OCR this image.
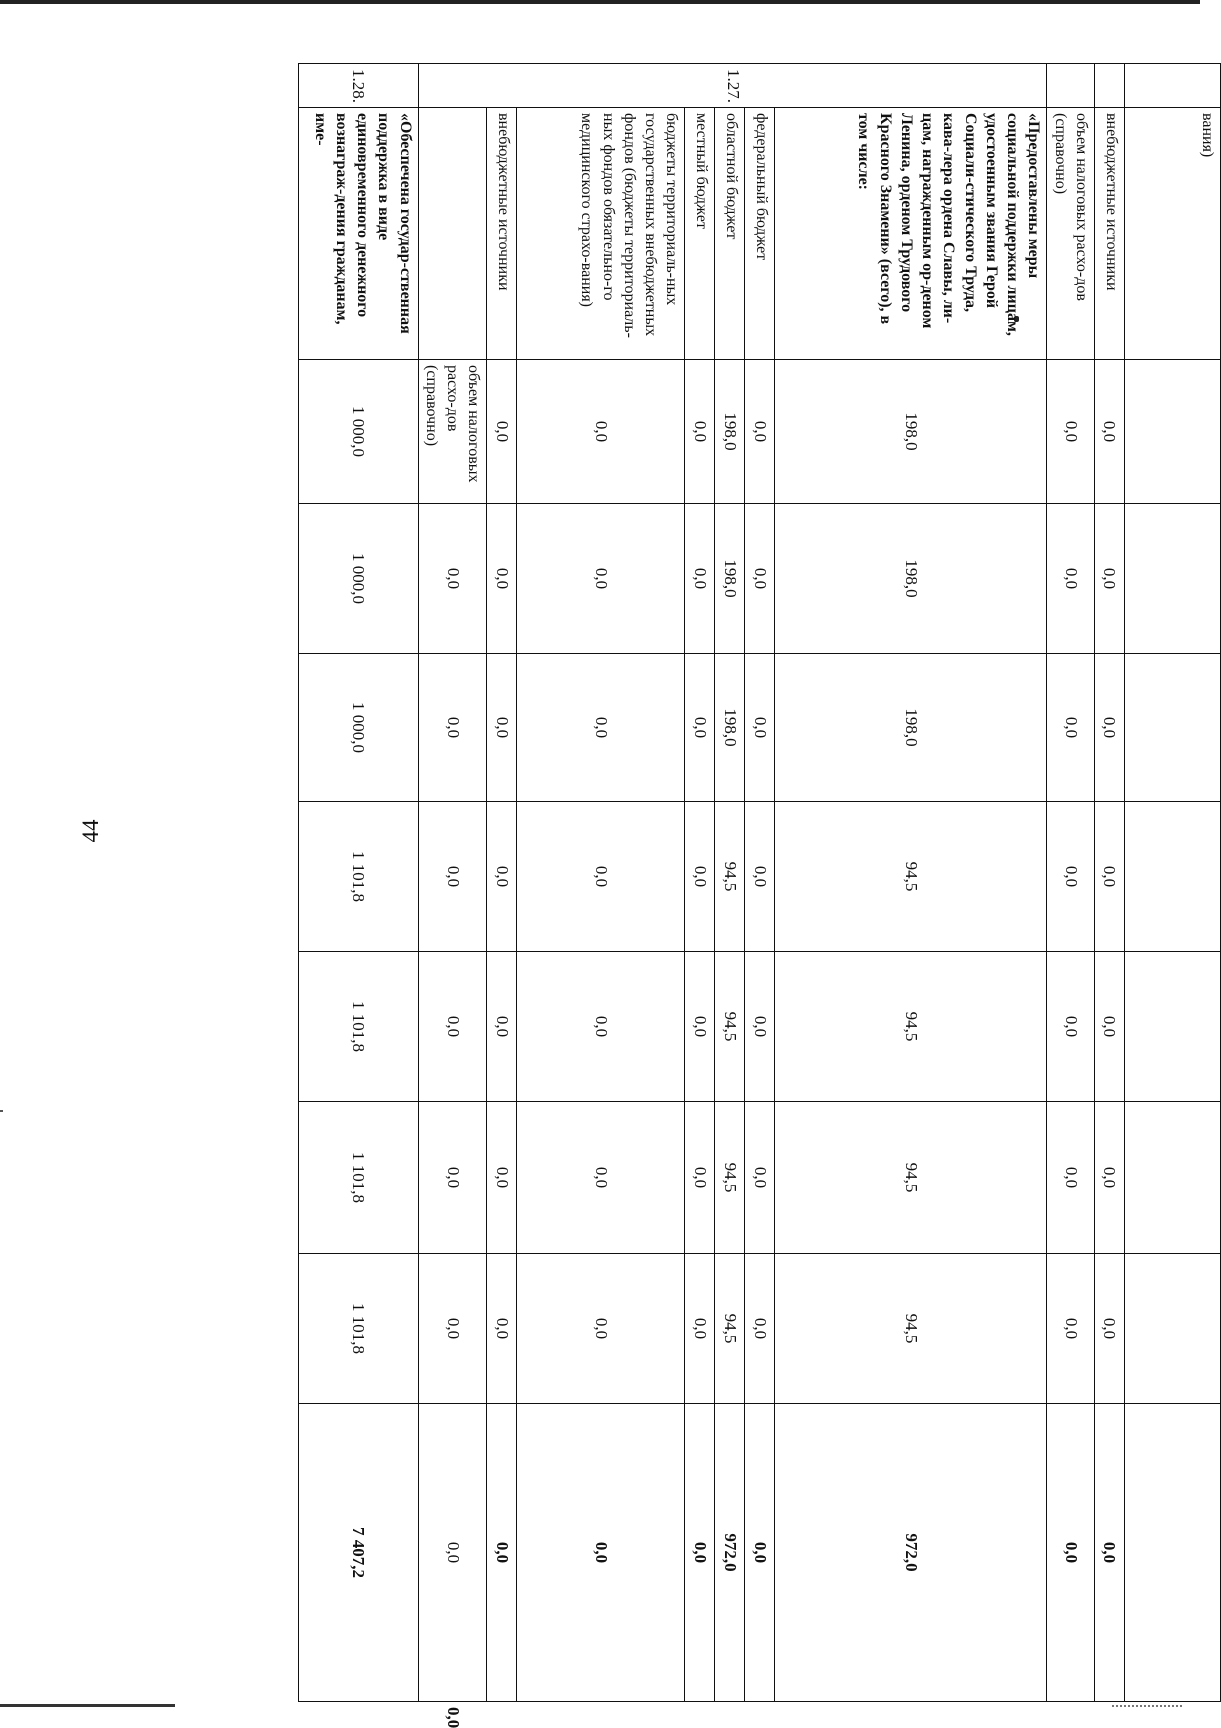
44
	вания)									
	внебюджетные источники	0,0	0,0	0,0	0,0	0,0	0,0	0,0	0,0	
	объем налоговых расхо-дов (справочно)	0,0	0,0	0,0	0,0	0,0	0,0	0,0	0,0	
1.27.	«Предоставлены меры социальной поддержки лицам, удостоенным звания Герой Социали-стического Труда, кава-лера ордена Славы, ли-цам, награжденным ор-деном Ленина, орденом Трудового Красного Знамени» (всего), в том числе:	198,0	198,0	198,0	94,5	94,5	94,5	94,5	972,0	
	федеральный бюджет	0,0	0,0	0,0	0,0	0,0	0,0	0,0	0,0	
	областной бюджет	198,0	198,0	198,0	94,5	94,5	94,5	94,5	972,0	
	местный бюджет	0,0	0,0	0,0	0,0	0,0	0,0	0,0	0,0	
	бюджеты территориаль-ных государственных внебюджетных фондов (бюджеты территориаль-ных фондов обязательно-го медицинского страхо-вания)	0,0	0,0	0,0	0,0	0,0	0,0	0,0	0,0	
	внебюджетные источники	0,0	0,0	0,0	0,0	0,0	0,0	0,0	0,0	
		объем налоговых расхо-дов (справочно)	0,0	0,0	0,0	0,0	0,0	0,0	0,0	0,0
1.28.	«Обеспечена государ-ственная поддержка в виде единовременного денежного вознаграж-дения гражданам, име-	1 000,0	1 000,0	1 000,0	1 101,8	1 101,8	1 101,8	1 101,8	7 407,2	
